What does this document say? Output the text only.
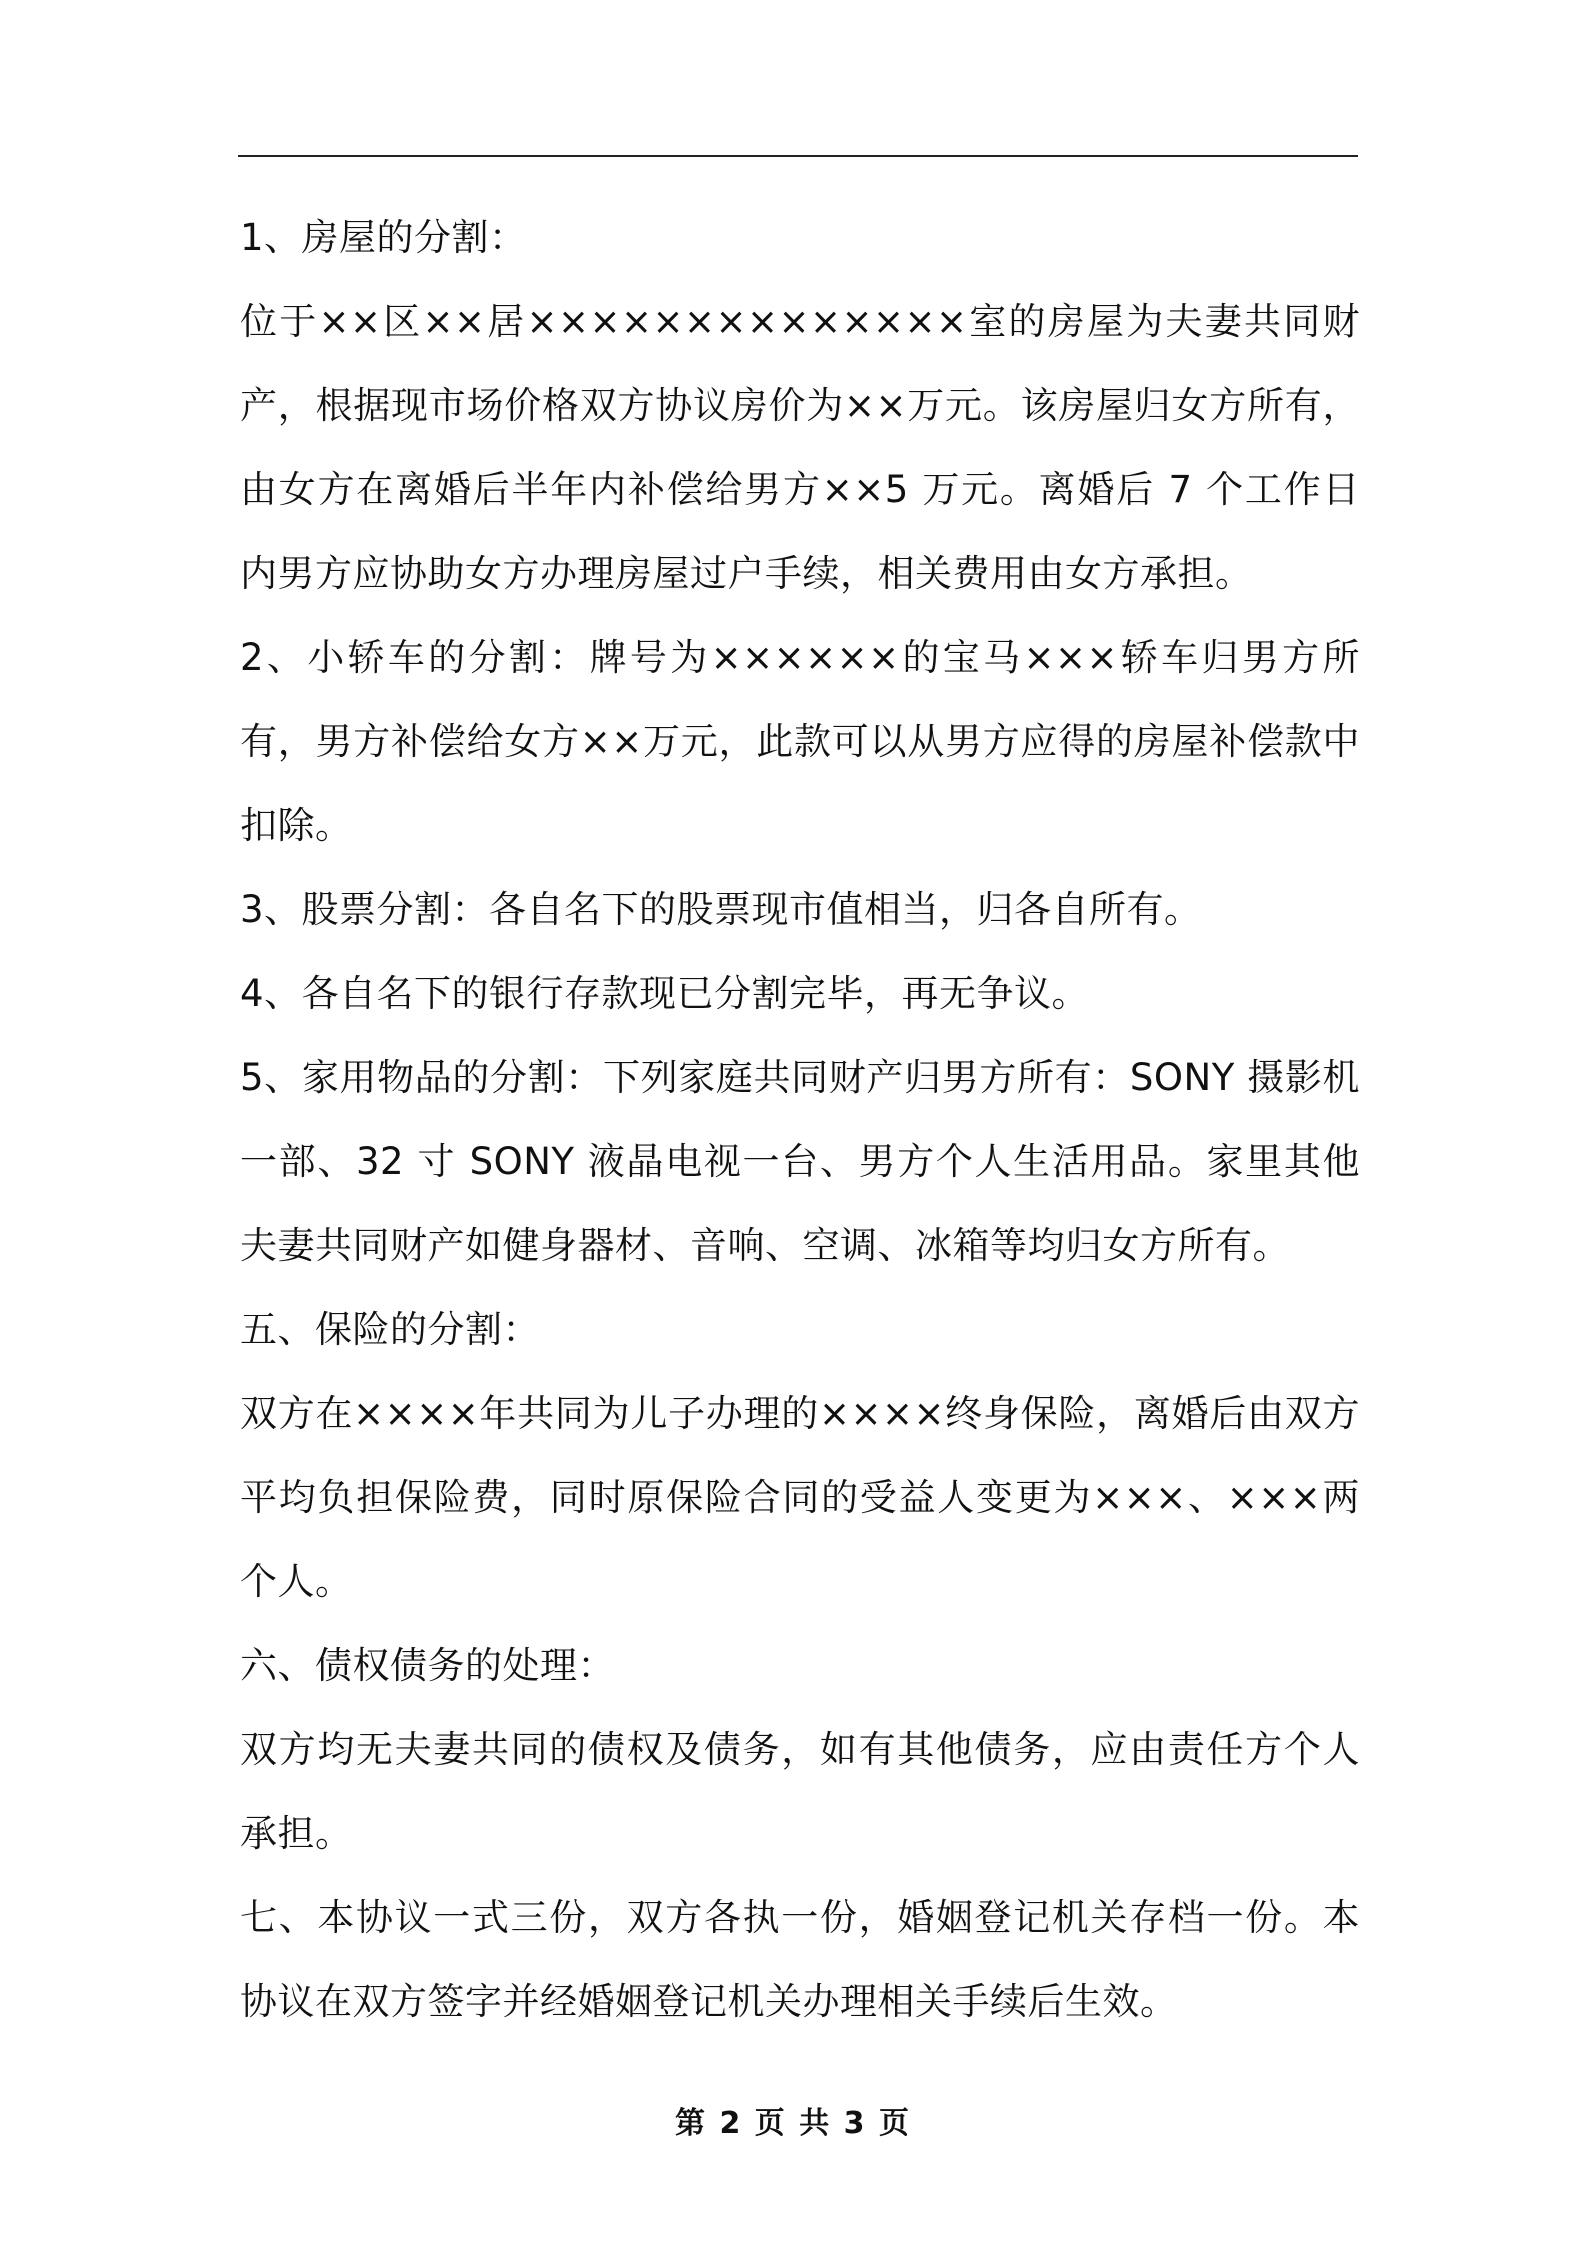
1、房屋的分割：

位于××区××居××××××××××××××室的房屋为夫妻共同财产，根据现市场价格双方协议房价为××万元。该房屋归女方所有，由女方在离婚后半年内补偿给男方××5 万元。离婚后 7 个工作日内男方应协助女方办理房屋过户手续，相关费用由女方承担。

2、小轿车的分割：牌号为××××××的宝马×××轿车归男方所有，男方补偿给女方××万元，此款可以从男方应得的房屋补偿款中扣除。

3、股票分割：各自名下的股票现市值相当，归各自所有。

4、各自名下的银行存款现已分割完毕，再无争议。

5、家用物品的分割：下列家庭共同财产归男方所有：SONY 摄影机一部、32 寸 SONY 液晶电视一台、男方个人生活用品。家里其他夫妻共同财产如健身器材、音响、空调、冰箱等均归女方所有。

五、保险的分割：

双方在××××年共同为儿子办理的××××终身保险，离婚后由双方平均负担保险费，同时原保险合同的受益人变更为×××、×××两个人。

六、债权债务的处理：

双方均无夫妻共同的债权及债务，如有其他债务，应由责任方个人承担。

七、本协议一式三份，双方各执一份，婚姻登记机关存档一份。本协议在双方签字并经婚姻登记机关办理相关手续后生效。

第 2 页 共 3 页
